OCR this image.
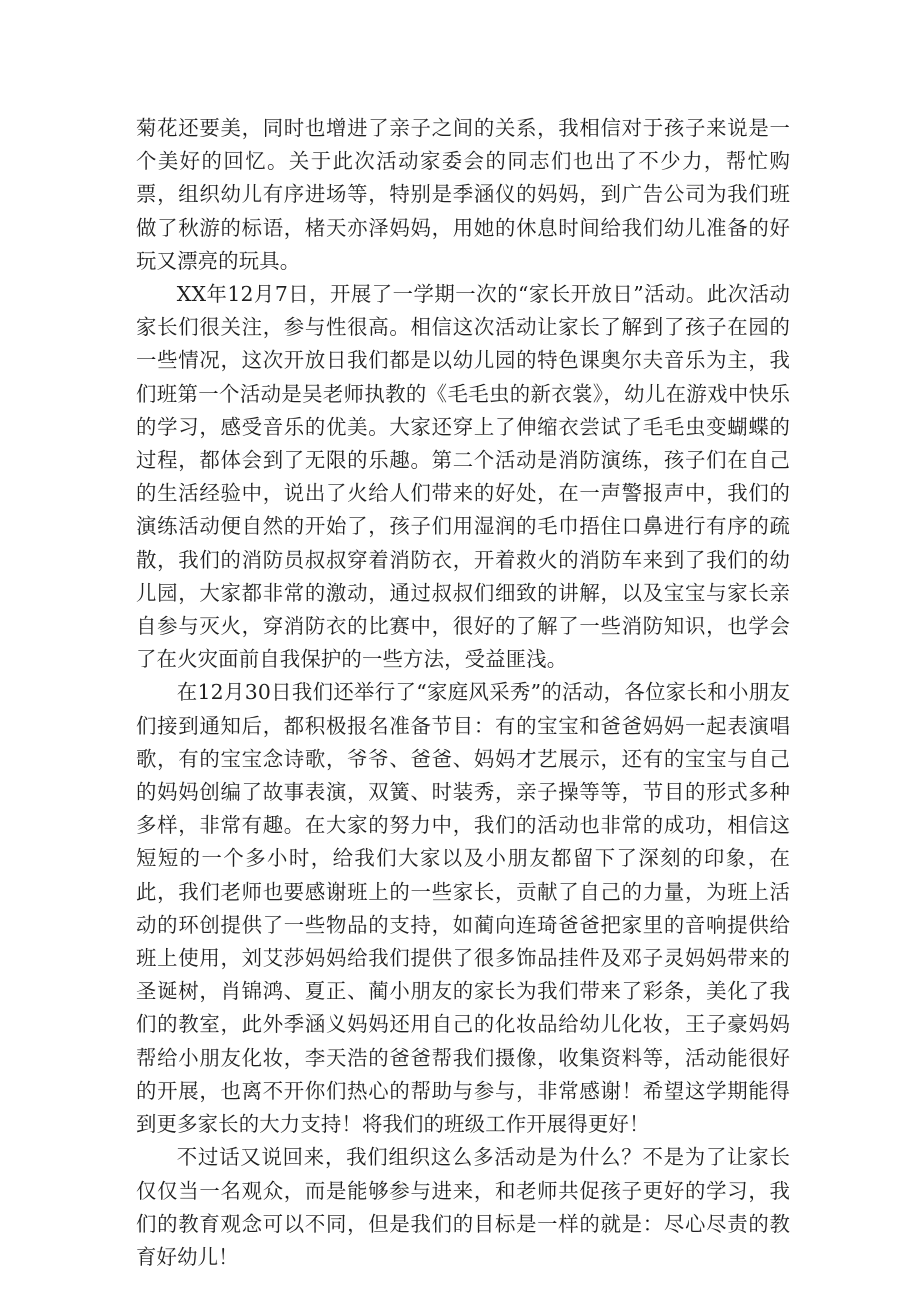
菊花还要美，同时也增进了亲子之间的关系，我相信对于孩子来说是一个美好的回忆。关于此次活动家委会的同志们也出了不少力，帮忙购票，组织幼儿有序进场等，特别是季涵仪的妈妈，到广告公司为我们班做了秋游的标语，楮天亦泽妈妈，用她的休息时间给我们幼儿准备的好玩又漂亮的玩具。

XX年12月7日，开展了一学期一次的“家长开放日”活动。此次活动家长们很关注，参与性很高。相信这次活动让家长了解到了孩子在园的一些情况，这次开放日我们都是以幼儿园的特色课奥尔夫音乐为主，我们班第一个活动是吴老师执教的《毛毛虫的新衣裳》，幼儿在游戏中快乐的学习，感受音乐的优美。大家还穿上了伸缩衣尝试了毛毛虫变蝴蝶的过程，都体会到了无限的乐趣。第二个活动是消防演练，孩子们在自己的生活经验中，说出了火给人们带来的好处，在一声警报声中，我们的演练活动便自然的开始了，孩子们用湿润的毛巾捂住口鼻进行有序的疏散，我们的消防员叔叔穿着消防衣，开着救火的消防车来到了我们的幼儿园，大家都非常的激动，通过叔叔们细致的讲解，以及宝宝与家长亲自参与灭火，穿消防衣的比赛中，很好的了解了一些消防知识，也学会了在火灾面前自我保护的一些方法，受益匪浅。

在12月30日我们还举行了“家庭风采秀”的活动，各位家长和小朋友们接到通知后，都积极报名准备节目：有的宝宝和爸爸妈妈一起表演唱歌，有的宝宝念诗歌，爷爷、爸爸、妈妈才艺展示，还有的宝宝与自己的妈妈创编了故事表演，双簧、时装秀，亲子操等等，节目的形式多种多样，非常有趣。在大家的努力中，我们的活动也非常的成功，相信这短短的一个多小时，给我们大家以及小朋友都留下了深刻的印象，在此，我们老师也要感谢班上的一些家长，贡献了自己的力量，为班上活动的环创提供了一些物品的支持，如蔺向连琦爸爸把家里的音响提供给班上使用，刘艾莎妈妈给我们提供了很多饰品挂件及邓子灵妈妈带来的圣诞树，肖锦鸿、夏正、蔺小朋友的家长为我们带来了彩条，美化了我们的教室，此外季涵义妈妈还用自己的化妆品给幼儿化妆，王子豪妈妈帮给小朋友化妆，李天浩的爸爸帮我们摄像，收集资料等，活动能很好的开展，也离不开你们热心的帮助与参与，非常感谢！希望这学期能得到更多家长的大力支持！将我们的班级工作开展得更好！

不过话又说回来，我们组织这么多活动是为什么？不是为了让家长仅仅当一名观众，而是能够参与进来，和老师共促孩子更好的学习，我们的教育观念可以不同，但是我们的目标是一样的就是：尽心尽责的教育好幼儿！
